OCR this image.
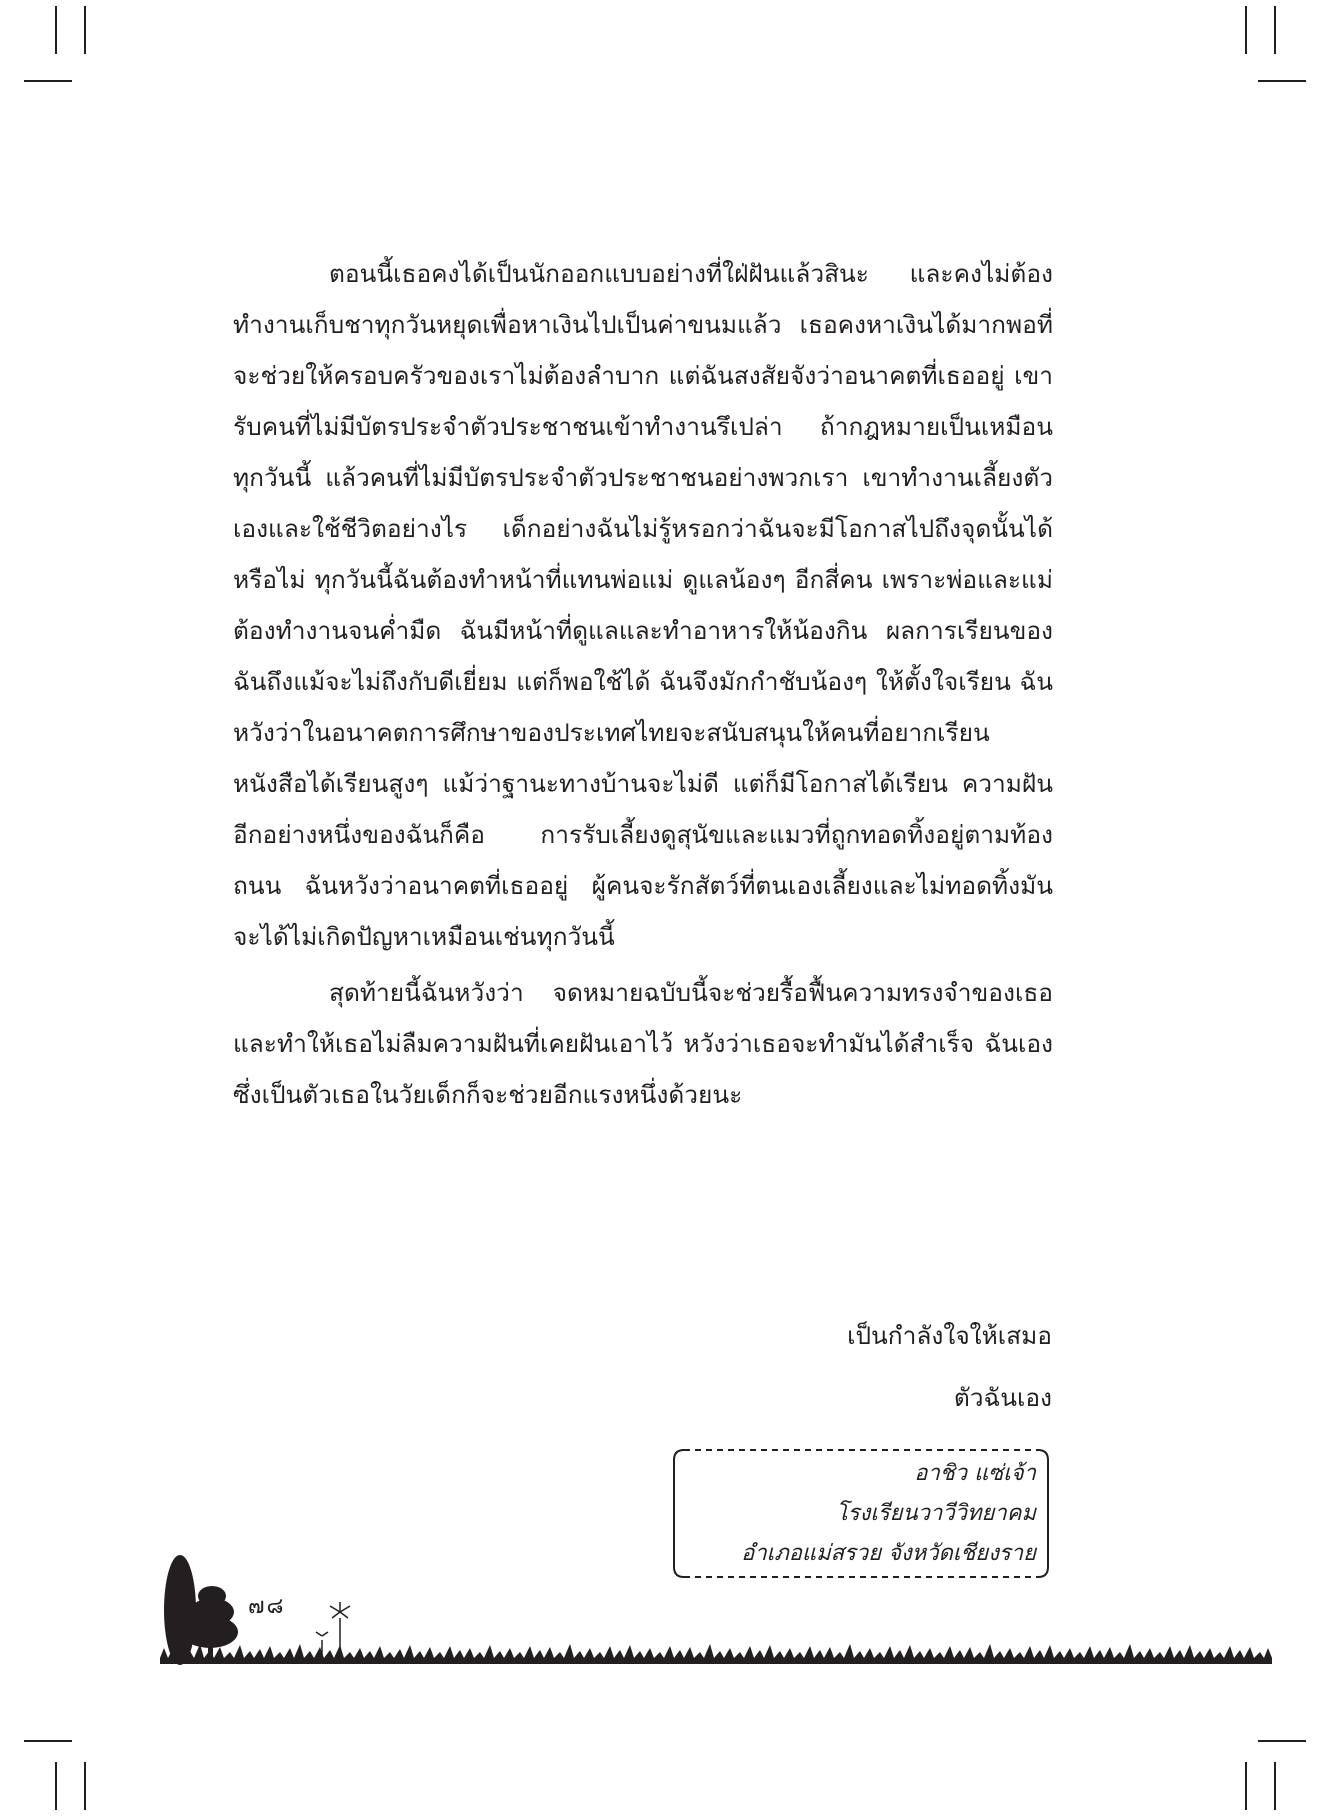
ตอนนี้เธอคงได้เป็นนักออกแบบอย่างที่ใฝ่ฝันแล้วสินะ และคงไม่ต้องทำงานเก็บชาทุกวันหยุดเพื่อหาเงินไปเป็นค่าขนมแล้ว เธอคงหาเงินได้มากพอที่จะช่วยให้ครอบครัวของเราไม่ต้องลำบาก แต่ฉันสงสัยจังว่าอนาคตที่เธออยู่ เขารับคนที่ไม่มีบัตรประจำตัวประชาชนเข้าทำงานรึเปล่า ถ้ากฎหมายเป็นเหมือนทุกวันนี้ แล้วคนที่ไม่มีบัตรประจำตัวประชาชนอย่างพวกเรา เขาทำงานเลี้ยงตัวเองและใช้ชีวิตอย่างไร เด็กอย่างฉันไม่รู้หรอกว่าฉันจะมีโอกาสไปถึงจุดนั้นได้หรือไม่ ทุกวันนี้ฉันต้องทำหน้าที่แทนพ่อแม่ ดูแลน้องๆ อีกสี่คน เพราะพ่อและแม่ต้องทำงานจนค่ำมืด ฉันมีหน้าที่ดูแลและทำอาหารให้น้องกิน ผลการเรียนของฉันถึงแม้จะไม่ถึงกับดีเยี่ยม แต่ก็พอใช้ได้ ฉันจึงมักกำชับน้องๆ ให้ตั้งใจเรียน ฉันหวังว่าในอนาคตการศึกษาของประเทศไทยจะสนับสนุนให้คนที่อยากเรียนหนังสือได้เรียนสูงๆ แม้ว่าฐานะทางบ้านจะไม่ดี แต่ก็มีโอกาสได้เรียน ความฝันอีกอย่างหนึ่งของฉันก็คือ การรับเลี้ยงดูสุนัขและแมวที่ถูกทอดทิ้งอยู่ตามท้องถนน ฉันหวังว่าอนาคตที่เธออยู่ ผู้คนจะรักสัตว์ที่ตนเองเลี้ยงและไม่ทอดทิ้งมัน จะได้ไม่เกิดปัญหาเหมือนเช่นทุกวันนี้

สุดท้ายนี้ฉันหวังว่า จดหมายฉบับนี้จะช่วยรื้อฟื้นความทรงจำของเธอ และทำให้เธอไม่ลืมความฝันที่เคยฝันเอาไว้ หวังว่าเธอจะทำมันได้สำเร็จ ฉันเองซึ่งเป็นตัวเธอในวัยเด็กก็จะช่วยอีกแรงหนึ่งด้วยนะ

เป็นกำลังใจให้เสมอ
ตัวฉันเอง
อาชิว แซ่เจ้า
โรงเรียนวาวีวิทยาคม
อำเภอแม่สรวย จังหวัดเชียงราย
๗๘
